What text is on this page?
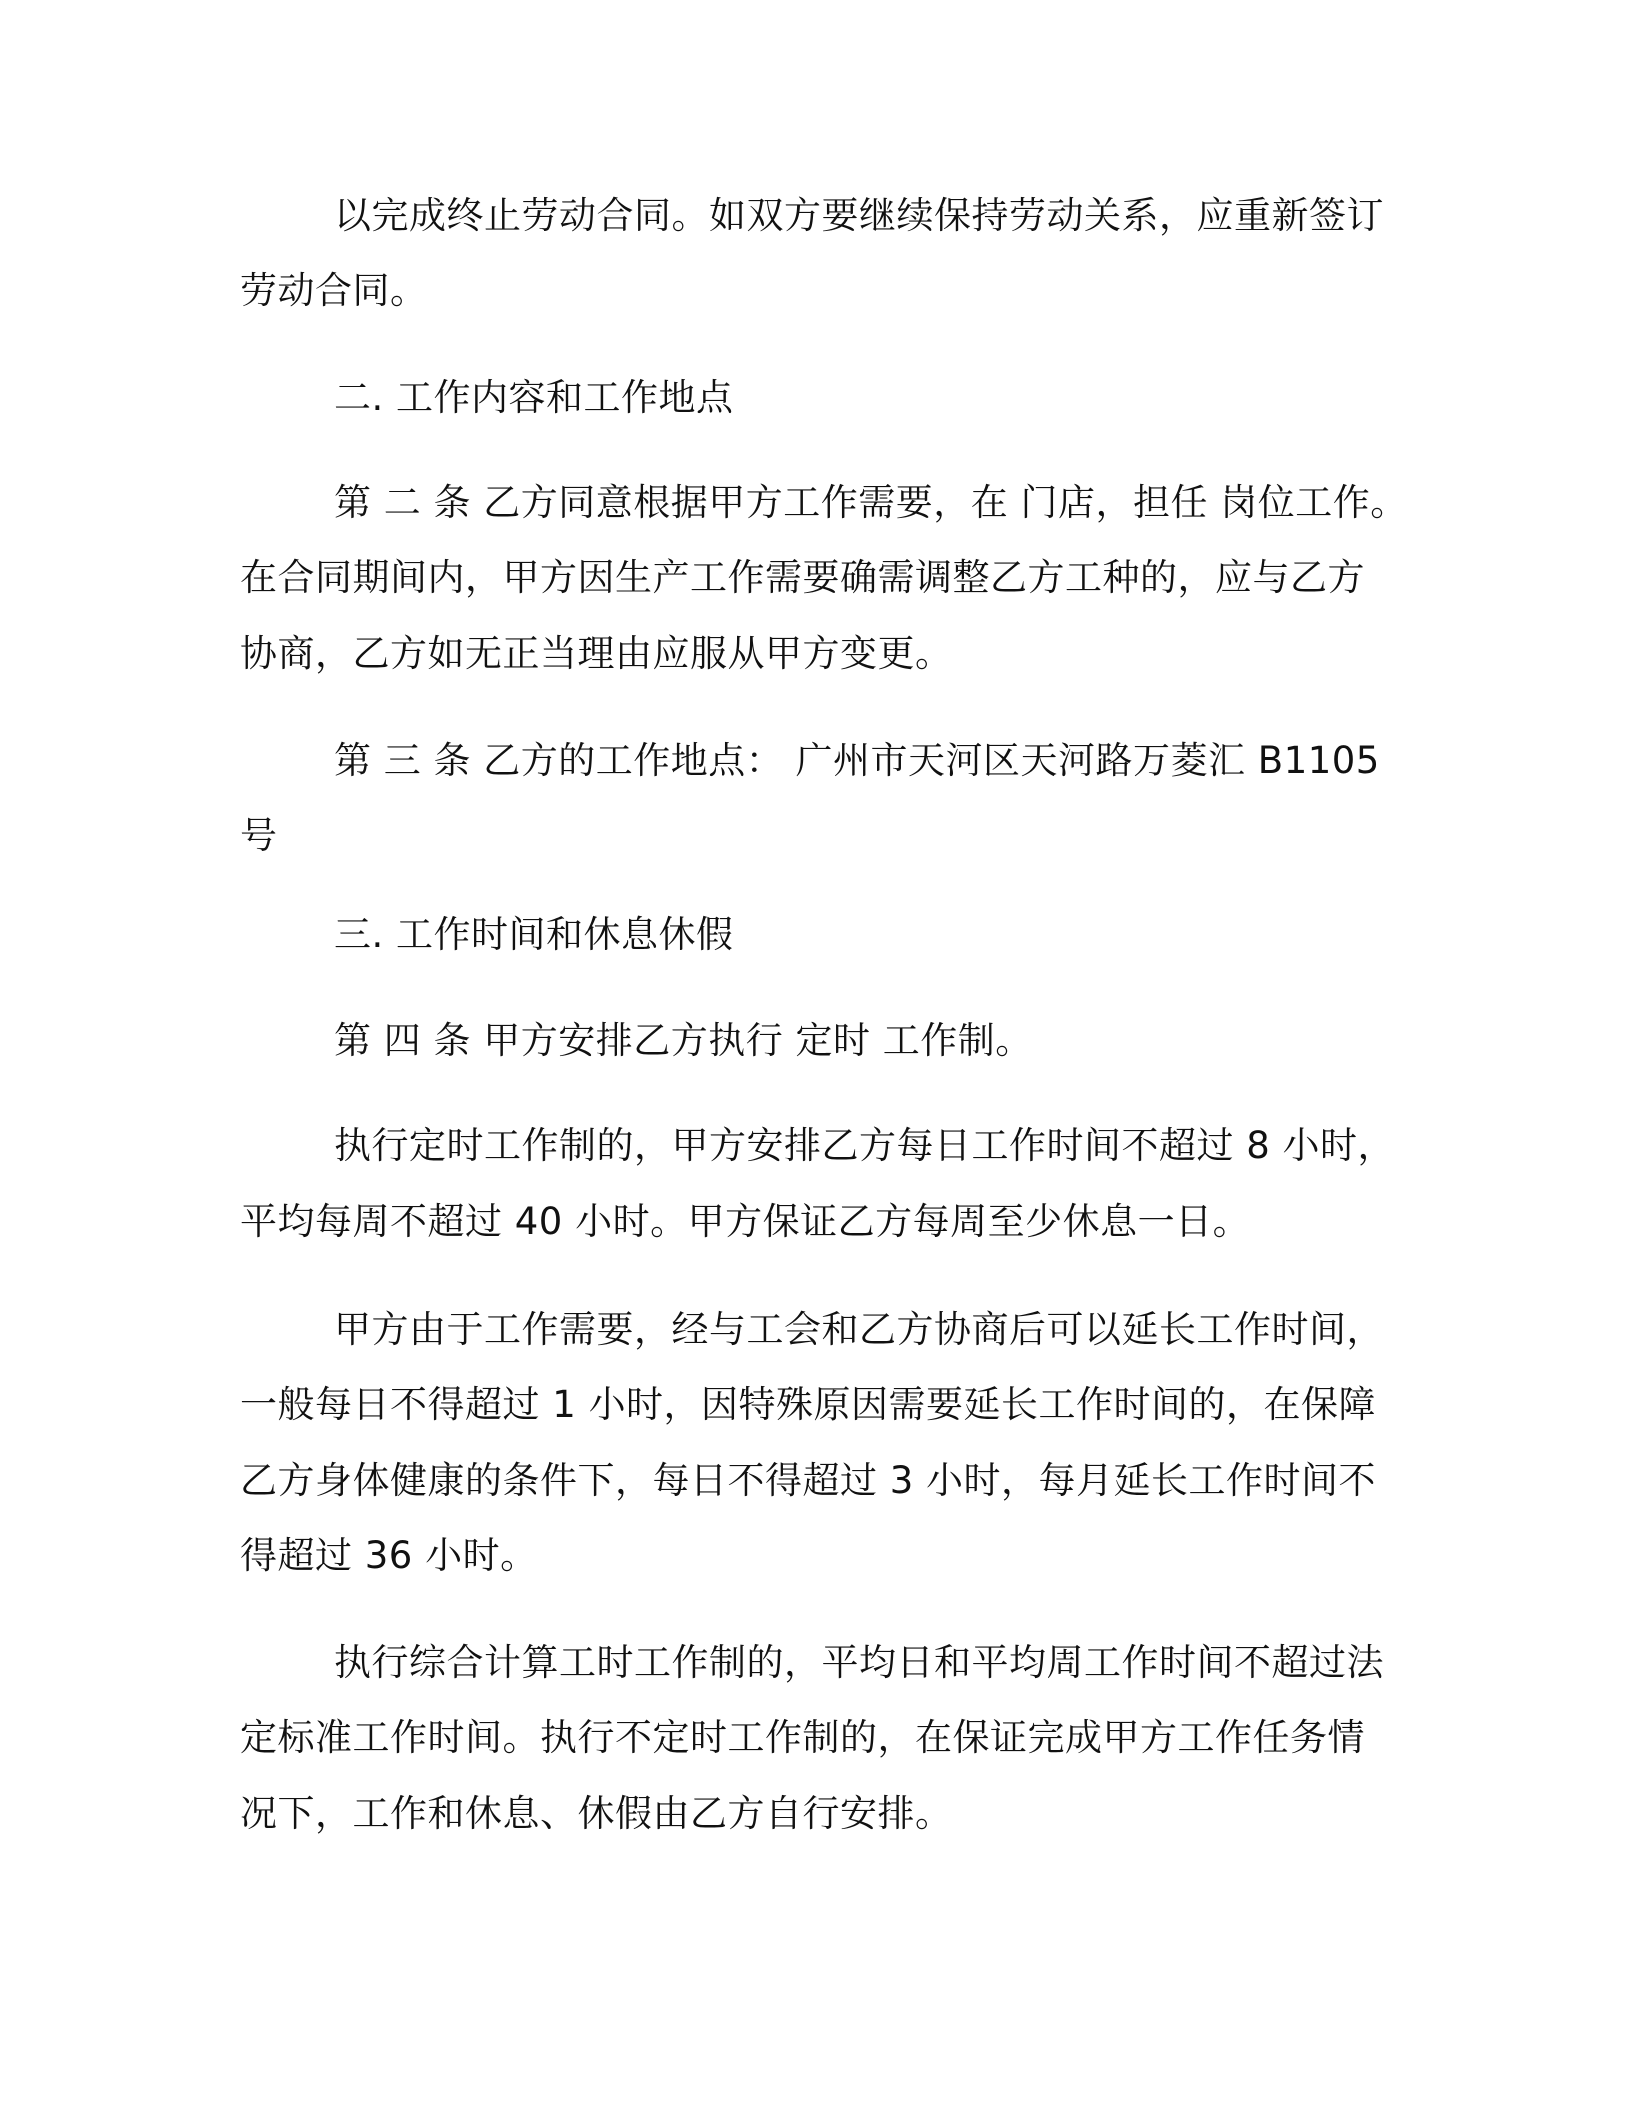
以完成终止劳动合同。如双方要继续保持劳动关系，应重新签订
劳动合同。
二. 工作内容和工作地点
第 二 条 乙方同意根据甲方工作需要，在 门店，担任 岗位工作。
在合同期间内，甲方因生产工作需要确需调整乙方工种的，应与乙方
协商，乙方如无正当理由应服从甲方变更。
第 三 条 乙方的工作地点： 广州市天河区天河路万菱汇 B1105
号
三. 工作时间和休息休假
第 四 条 甲方安排乙方执行 定时 工作制。
执行定时工作制的，甲方安排乙方每日工作时间不超过 8 小时，
平均每周不超过 40 小时。甲方保证乙方每周至少休息一日。
甲方由于工作需要，经与工会和乙方协商后可以延长工作时间，
一般每日不得超过 1 小时，因特殊原因需要延长工作时间的，在保障
乙方身体健康的条件下，每日不得超过 3 小时，每月延长工作时间不
得超过 36 小时。
执行综合计算工时工作制的，平均日和平均周工作时间不超过法
定标准工作时间。执行不定时工作制的，在保证完成甲方工作任务情
况下，工作和休息、休假由乙方自行安排。
